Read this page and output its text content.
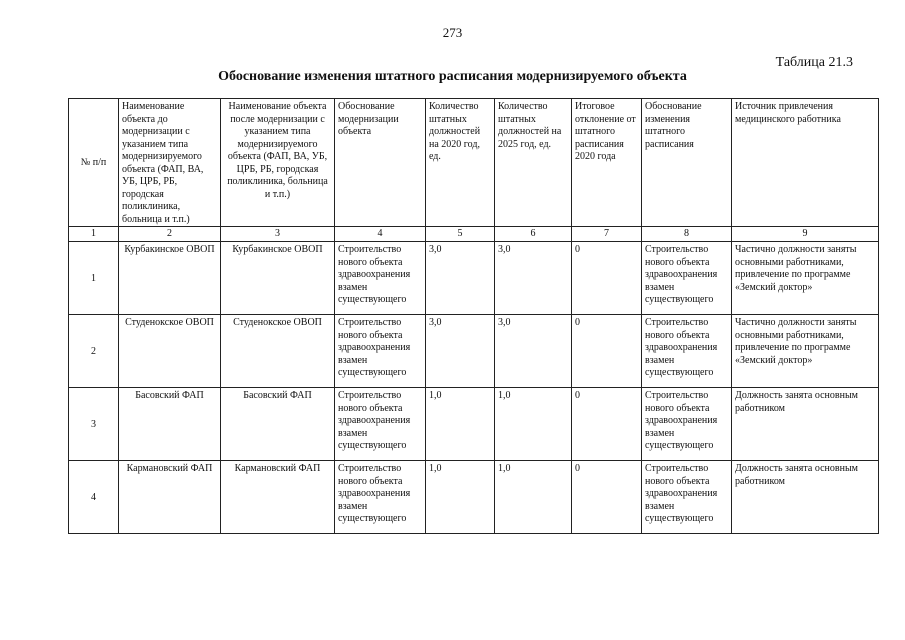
273
Таблица 21.3
Обоснование изменения штатного расписания модернизируемого объекта
№ п/п	Наименование объекта до модернизации с указанием типа модернизируемого объекта (ФАП, ВА, УБ, ЦРБ, РБ, городская поликлиника, больница и т.п.)	Наименование объекта после модернизации с указанием типа модернизируемого объекта (ФАП, ВА, УБ, ЦРБ, РБ, городская поликлиника, больница и т.п.)	Обоснование модернизации объекта	Количество штатных должностей на 2020 год, ед.	Количество штатных должностей на 2025 год, ед.	Итоговое отклонение от штатного расписания 2020 года	Обоснование изменения штатного расписания	Источник привлечения медицинского работника
1	2	3	4	5	6	7	8	9
1	Курбакинское ОВОП	Курбакинское ОВОП	Строительство нового объекта здравоохранения взамен существующего	3,0	3,0	0	Строительство нового объекта здравоохранения взамен существующего	Частично должности заняты основными работниками, привлечение по программе «Земский доктор»
2	Студенокское ОВОП	Студенокское ОВОП	Строительство нового объекта здравоохранения взамен существующего	3,0	3,0	0	Строительство нового объекта здравоохранения взамен существующего	Частично должности заняты основными работниками, привлечение по программе «Земский доктор»
3	Басовский ФАП	Басовский ФАП	Строительство нового объекта здравоохранения взамен существующего	1,0	1,0	0	Строительство нового объекта здравоохранения взамен существующего	Должность занята основным работником
4	Кармановский ФАП	Кармановский ФАП	Строительство нового объекта здравоохранения взамен существующего	1,0	1,0	0	Строительство нового объекта здравоохранения взамен существующего	Должность занята основным работником
